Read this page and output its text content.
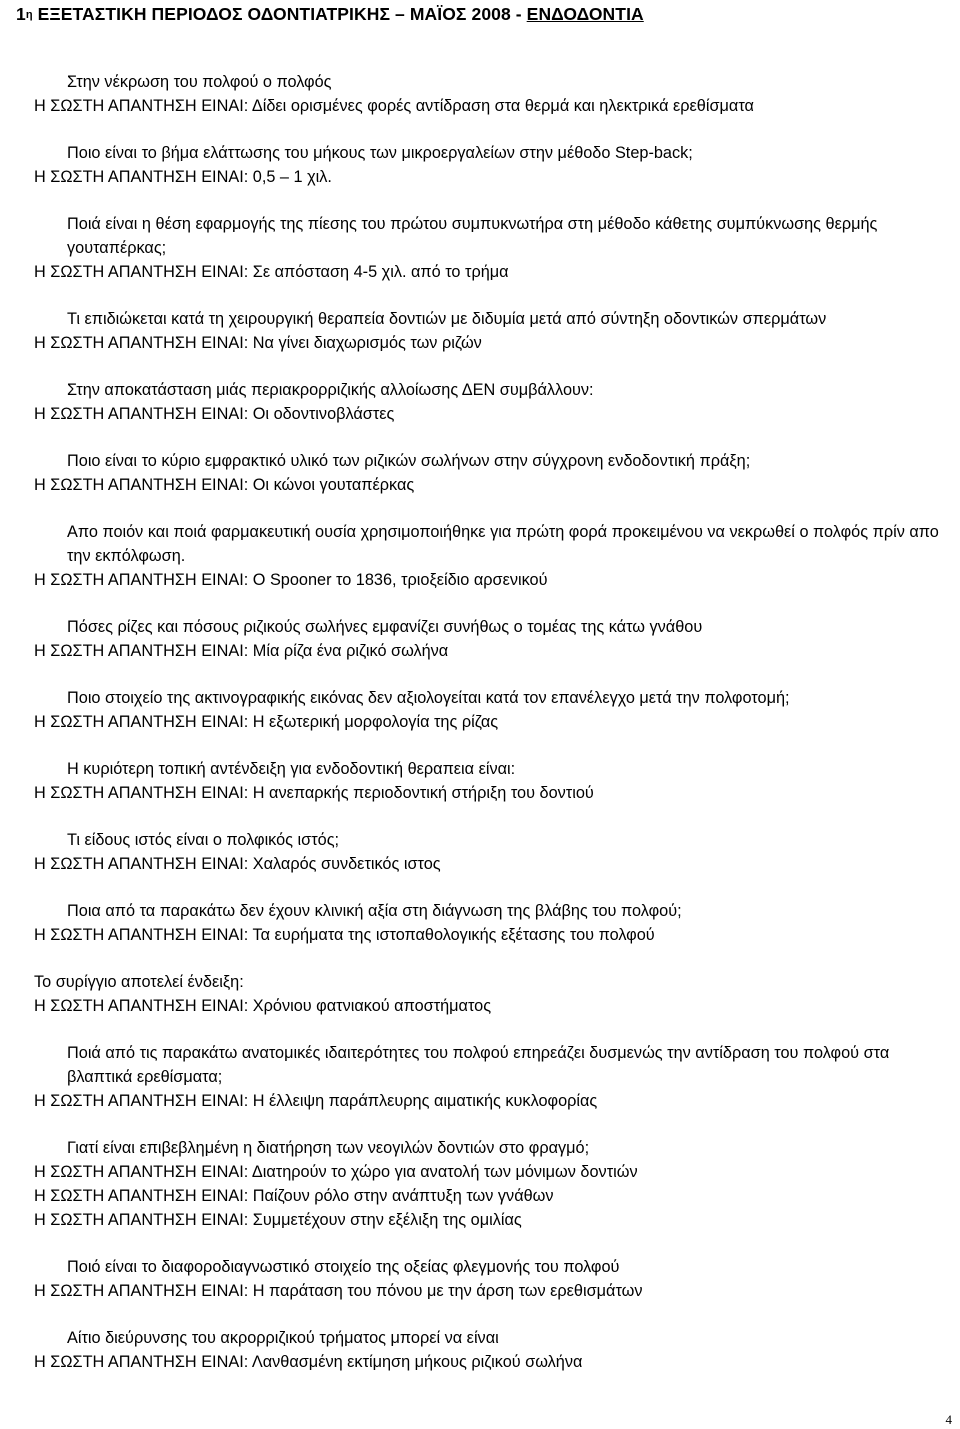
$1^\eta$ ΕΞΕΤΑΣΤΙΚΗ ΠΕΡΙΟΔΟΣ ΟΔΟΝΤΙΑΤΡΙΚΗΣ – ΜΑΪΟΣ 2008 - ΕΝΔΟΔΟΝΤΙΑ
Στην νέκρωση του πολφού ο πολφός
Η ΣΩΣΤΗ ΑΠΑΝΤΗΣΗ ΕΙΝΑΙ: Δίδει ορισμένες φορές αντίδραση στα θερμά και ηλεκτρικά ερεθίσματα
Ποιο είναι το βήμα ελάττωσης του μήκους των μικροεργαλείων στην μέθοδο Step-back;
Η ΣΩΣΤΗ ΑΠΑΝΤΗΣΗ ΕΙΝΑΙ: 0,5 – 1 χιλ.
Ποιά είναι η θέση εφαρμογής της πίεσης του πρώτου συμπυκνωτήρα στη μέθοδο κάθετης συμπύκνωσης θερμής γουταπέρκας;
Η ΣΩΣΤΗ ΑΠΑΝΤΗΣΗ ΕΙΝΑΙ: Σε απόσταση 4-5 χιλ. από το τρήμα
Τι επιδιώκεται κατά τη χειρουργική θεραπεία δοντιών με διδυμία μετά από σύντηξη οδοντικών σπερμάτων
Η ΣΩΣΤΗ ΑΠΑΝΤΗΣΗ ΕΙΝΑΙ: Να γίνει διαχωρισμός των ριζών
Στην αποκατάσταση μιάς περιακρορριζικής αλλοίωσης ΔΕΝ συμβάλλουν:
Η ΣΩΣΤΗ ΑΠΑΝΤΗΣΗ ΕΙΝΑΙ: Οι οδοντινοβλάστες
Ποιο είναι το κύριο εμφρακτικό υλικό των ριζικών σωλήνων στην σύγχρονη ενδοδοντική πράξη;
Η ΣΩΣΤΗ ΑΠΑΝΤΗΣΗ ΕΙΝΑΙ: Οι κώνοι γουταπέρκας
Απο ποιόν και ποιά φαρμακευτική ουσία χρησιμοποιήθηκε για πρώτη φορά προκειμένου να νεκρωθεί ο πολφός πρίν απο την εκπόλφωση.
Η ΣΩΣΤΗ ΑΠΑΝΤΗΣΗ ΕΙΝΑΙ: Ο Spooner το 1836, τριοξείδιο αρσενικού
Πόσες ρίζες και πόσους ριζικούς σωλήνες εμφανίζει συνήθως ο τομέας της κάτω γνάθου
Η ΣΩΣΤΗ ΑΠΑΝΤΗΣΗ ΕΙΝΑΙ: Μία ρίζα ένα ριζικό σωλήνα
Ποιο στοιχείο της ακτινογραφικής εικόνας δεν αξιολογείται κατά τον επανέλεγχο μετά την πολφοτομή;
Η ΣΩΣΤΗ ΑΠΑΝΤΗΣΗ ΕΙΝΑΙ: Η εξωτερική μορφολογία της ρίζας
Η κυριότερη τοπική αντένδειξη για ενδοδοντική θεραπεια είναι:
Η ΣΩΣΤΗ ΑΠΑΝΤΗΣΗ ΕΙΝΑΙ: Η ανεπαρκής περιοδοντική στήριξη του δοντιού
Τι είδους ιστός είναι ο πολφικός ιστός;
Η ΣΩΣΤΗ ΑΠΑΝΤΗΣΗ ΕΙΝΑΙ: Χαλαρός συνδετικός ιστος
Ποια από τα παρακάτω δεν έχουν κλινική αξία στη διάγνωση της βλάβης του πολφού;
Η ΣΩΣΤΗ ΑΠΑΝΤΗΣΗ ΕΙΝΑΙ: Τα ευρήματα της ιστοπαθολογικής εξέτασης του πολφού
Το συρίγγιο αποτελεί ένδειξη:
Η ΣΩΣΤΗ ΑΠΑΝΤΗΣΗ ΕΙΝΑΙ: Χρόνιου φατνιακού αποστήματος
Ποιά από τις παρακάτω ανατομικές ιδαιτερότητες του πολφού επηρεάζει δυσμενώς την αντίδραση του πολφού στα βλαπτικά ερεθίσματα;
Η ΣΩΣΤΗ ΑΠΑΝΤΗΣΗ ΕΙΝΑΙ: Η έλλειψη παράπλευρης αιματικής κυκλοφορίας
Γιατί είναι επιβεβλημένη η διατήρηση των νεογιλών δοντιών στο φραγμό;
Η ΣΩΣΤΗ ΑΠΑΝΤΗΣΗ ΕΙΝΑΙ: Διατηρούν το χώρο για ανατολή των μόνιμων δοντιών
Η ΣΩΣΤΗ ΑΠΑΝΤΗΣΗ ΕΙΝΑΙ: Παίζουν ρόλο στην ανάπτυξη των γνάθων
Η ΣΩΣΤΗ ΑΠΑΝΤΗΣΗ ΕΙΝΑΙ: Συμμετέχουν στην εξέλιξη της ομιλίας
Ποιό είναι το διαφοροδιαγνωστικό στοιχείο της οξείας φλεγμονής του πολφού
Η ΣΩΣΤΗ ΑΠΑΝΤΗΣΗ ΕΙΝΑΙ: Η παράταση του πόνου με την άρση των ερεθισμάτων
Αίτιο διεύρυνσης του ακρορριζικού τρήματος μπορεί να είναι
Η ΣΩΣΤΗ ΑΠΑΝΤΗΣΗ ΕΙΝΑΙ: Λανθασμένη εκτίμηση μήκους ριζικού σωλήνα
4
